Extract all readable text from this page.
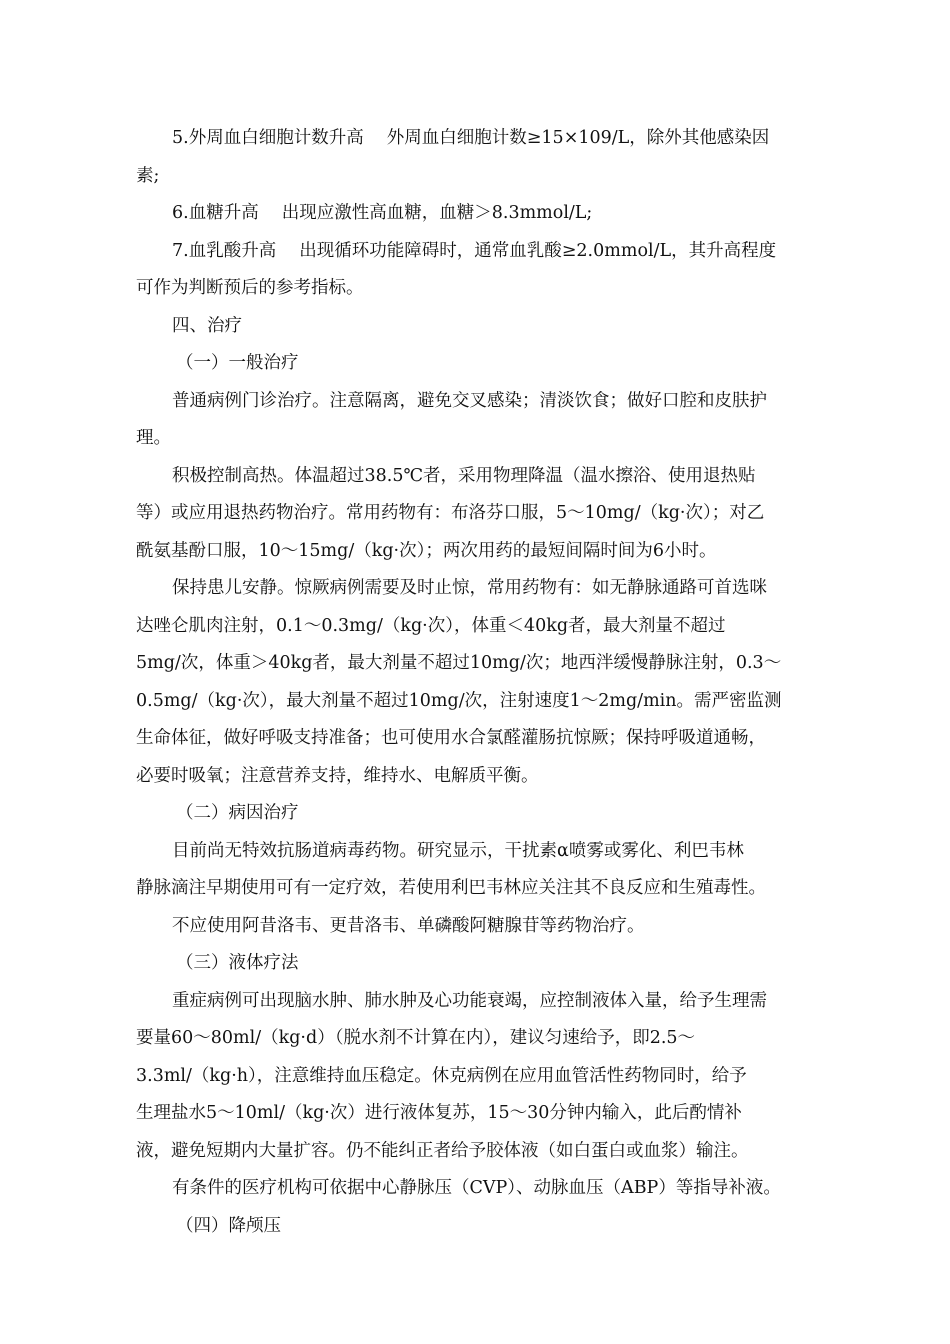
5.外周血白细胞计数升高　 外周血白细胞计数≥15×109/L，除外其他感染因
素;
6.血糖升高　 出现应激性高血糖，血糖＞8.3mmol/L;
7.血乳酸升高　 出现循环功能障碍时，通常血乳酸≥2.0mmol/L，其升高程度
可作为判断预后的参考指标。
四、治疗
（一）一般治疗
普通病例门诊治疗。注意隔离，避免交叉感染；清淡饮食；做好口腔和皮肤护
理。
积极控制高热。体温超过38.5℃者，采用物理降温（温水擦浴、使用退热贴
等）或应用退热药物治疗。常用药物有：布洛芬口服，5～10mg/（kg·次）；对乙
酰氨基酚口服，10～15mg/（kg·次）；两次用药的最短间隔时间为6小时。
保持患儿安静。惊厥病例需要及时止惊，常用药物有：如无静脉通路可首选咪
达唑仑肌肉注射，0.1～0.3mg/（kg·次），体重＜40kg者，最大剂量不超过
5mg/次，体重＞40kg者，最大剂量不超过10mg/次；地西泮缓慢静脉注射，0.3～
0.5mg/（kg·次），最大剂量不超过10mg/次，注射速度1～2mg/min。需严密监测
生命体征，做好呼吸支持准备；也可使用水合氯醛灌肠抗惊厥；保持呼吸道通畅，
必要时吸氧；注意营养支持，维持水、电解质平衡。
（二）病因治疗
目前尚无特效抗肠道病毒药物。研究显示，干扰素α喷雾或雾化、利巴韦林
静脉滴注早期使用可有一定疗效，若使用利巴韦林应关注其不良反应和生殖毒性。
不应使用阿昔洛韦、更昔洛韦、单磷酸阿糖腺苷等药物治疗。
（三）液体疗法
重症病例可出现脑水肿、肺水肿及心功能衰竭，应控制液体入量，给予生理需
要量60～80ml/（kg·d）（脱水剂不计算在内），建议匀速给予，即2.5～
3.3ml/（kg·h），注意维持血压稳定。休克病例在应用血管活性药物同时，给予
生理盐水5～10ml/（kg·次）进行液体复苏，15～30分钟内输入，此后酌情补
液，避免短期内大量扩容。仍不能纠正者给予胶体液（如白蛋白或血浆）输注。
有条件的医疗机构可依据中心静脉压（CVP）、动脉血压（ABP）等指导补液。
（四）降颅压
